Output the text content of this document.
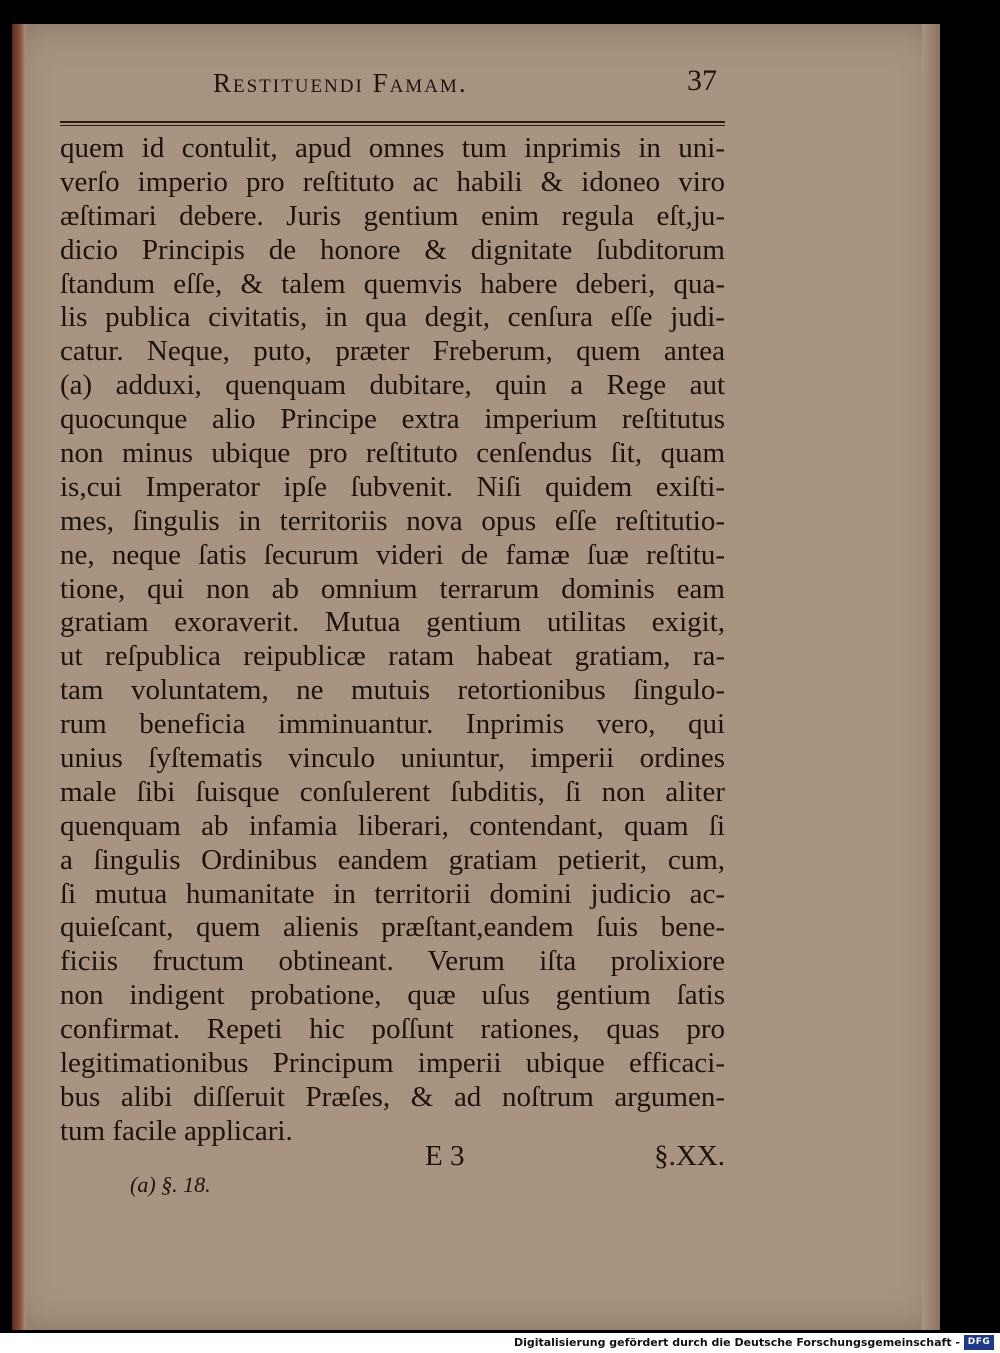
Restituendi Famam.	37
quem id contulit, apud omnes tum inprimis in uni-
verſo imperio pro reſtituto ac habili & idoneo viro
æſtimari debere. Juris gentium enim regula eſt,ju-
dicio Principis de honore & dignitate ſubditorum
ſtandum eſſe, & talem quemvis habere deberi, qua-
lis publica civitatis, in qua degit, cenſura eſſe judi-
catur. Neque, puto, præter Freberum, quem antea
(a) adduxi, quenquam dubitare, quin a Rege aut
quocunque alio Principe extra imperium reſtitutus
non minus ubique pro reſtituto cenſendus ſit, quam
is,cui Imperator ipſe ſubvenit. Niſi quidem exiſti-
mes, ſingulis in territoriis nova opus eſſe reſtitutio-
ne, neque ſatis ſecurum videri de famæ ſuæ reſtitu-
tione, qui non ab omnium terrarum dominis eam
gratiam exoraverit. Mutua gentium utilitas exigit,
ut reſpublica reipublicæ ratam habeat gratiam, ra-
tam voluntatem, ne mutuis retortionibus ſingulo-
rum beneficia imminuantur. Inprimis vero, qui
unius ſyſtematis vinculo uniuntur, imperii ordines
male ſibi ſuisque conſulerent ſubditis, ſi non aliter
quenquam ab infamia liberari, contendant, quam ſi
a ſingulis Ordinibus eandem gratiam petierit, cum,
ſi mutua humanitate in territorii domini judicio ac-
quieſcant, quem alienis præſtant,eandem ſuis bene-
ficiis fructum obtineant. Verum iſta prolixiore
non indigent probatione, quæ uſus gentium ſatis
confirmat. Repeti hic poſſunt rationes, quas pro
legitimationibus Principum imperii ubique efficaci-
bus alibi diſſeruit Præſes, & ad noſtrum argumen-
tum facile applicari.
E 3	§.XX.
(a) §. 18.
Digitalisierung gefördert durch die Deutsche Forschungsgemeinschaft - DFG
